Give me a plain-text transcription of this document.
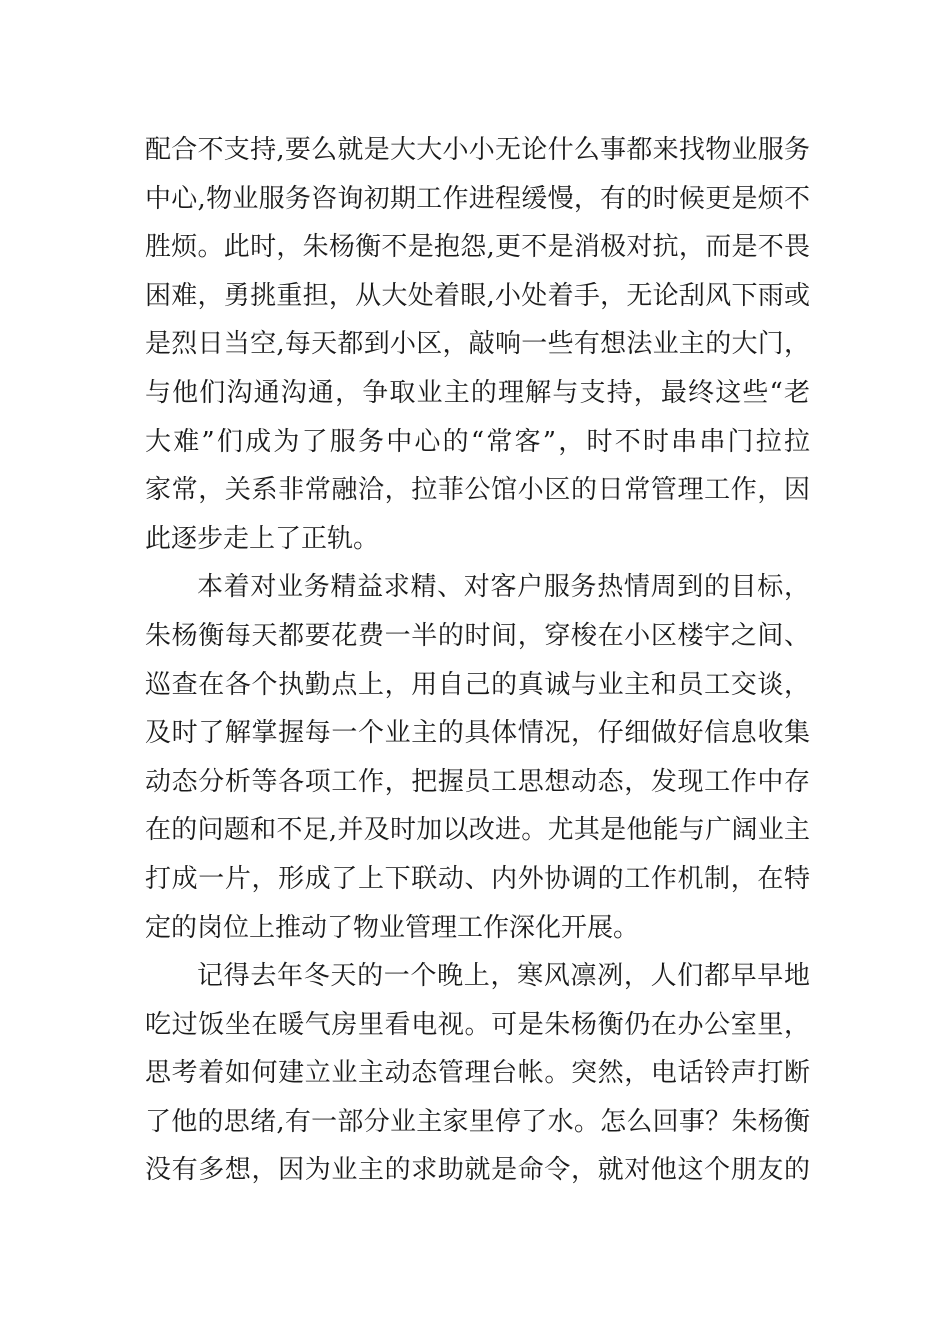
配合不支持,要么就是大大小小无论什么事都来找物业服务
中心,物业服务咨询初期工作进程缓慢，有的时候更是烦不
胜烦。此时，朱杨衡不是抱怨,更不是消极对抗，而是不畏
困难，勇挑重担，从大处着眼,小处着手，无论刮风下雨或
是烈日当空,每天都到小区，敲响一些有想法业主的大门，
与他们沟通沟通，争取业主的理解与支持，最终这些“老
大难”们成为了服务中心的“常客”，时不时串串门拉拉
家常，关系非常融洽，拉菲公馆小区的日常管理工作，因
此逐步走上了正轨。
本着对业务精益求精、对客户服务热情周到的目标，
朱杨衡每天都要花费一半的时间，穿梭在小区楼宇之间、
巡查在各个执勤点上，用自己的真诚与业主和员工交谈，
及时了解掌握每一个业主的具体情况，仔细做好信息收集
动态分析等各项工作，把握员工思想动态，发现工作中存
在的问题和不足,并及时加以改进。尤其是他能与广阔业主
打成一片，形成了上下联动、内外协调的工作机制，在特
定的岗位上推动了物业管理工作深化开展。
记得去年冬天的一个晚上，寒风凛冽，人们都早早地
吃过饭坐在暖气房里看电视。可是朱杨衡仍在办公室里，
思考着如何建立业主动态管理台帐。突然，电话铃声打断
了他的思绪,有一部分业主家里停了水。怎么回事？朱杨衡
没有多想，因为业主的求助就是命令，就对他这个朋友的
